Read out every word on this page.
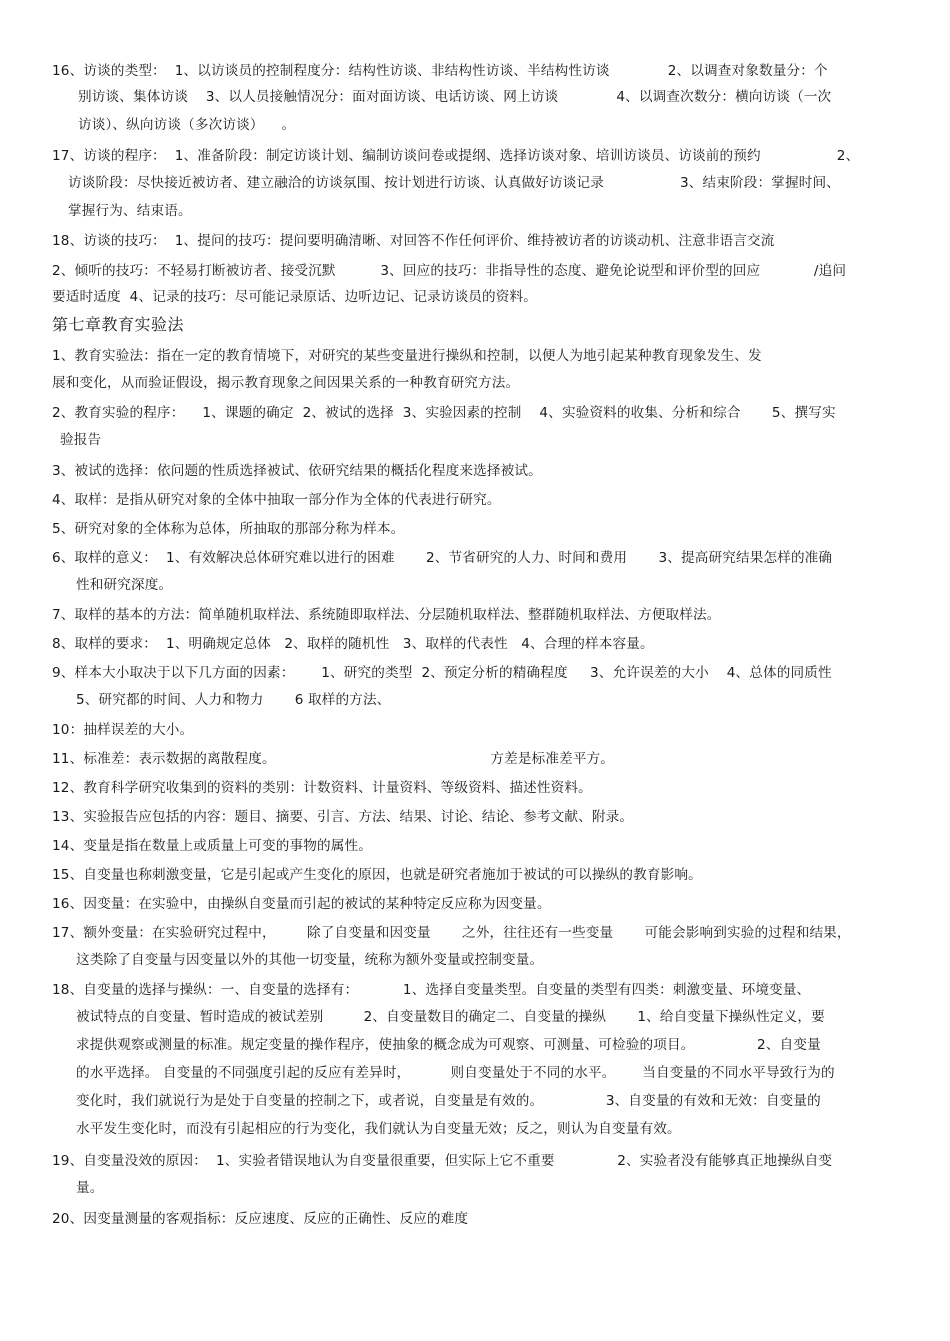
16、访谈的类型：  1、以访谈员的控制程度分：结构性访谈、非结构性访谈、半结构性访谈             2、以调查对象数量分：个
别访谈、集体访谈    3、以人员接触情况分：面对面访谈、电话访谈、网上访谈             4、以调查次数分：横向访谈（一次
访谈）、纵向访谈（多次访谈）    。
17、访谈的程序：  1、准备阶段：制定访谈计划、编制访谈问卷或提纲、选择访谈对象、培训访谈员、访谈前的预约                 2、
访谈阶段：尽快接近被访者、建立融洽的访谈氛围、按计划进行访谈、认真做好访谈记录                 3、结束阶段：掌握时间、
掌握行为、结束语。
18、访谈的技巧：  1、提问的技巧：提问要明确清晰、对回答不作任何评价、维持被访者的访谈动机、注意非语言交流
2、倾听的技巧：不轻易打断被访者、接受沉默          3、回应的技巧：非指导性的态度、避免论说型和评价型的回应            /追问
要适时适度  4、记录的技巧：尽可能记录原话、边听边记、记录访谈员的资料。
第七章教育实验法
1、教育实验法：指在一定的教育情境下，对研究的某些变量进行操纵和控制，以便人为地引起某种教育现象发生、发
展和变化，从而验证假设，揭示教育现象之间因果关系的一种教育研究方法。
2、教育实验的程序：    1、课题的确定  2、被试的选择  3、实验因素的控制    4、实验资料的收集、分析和综合       5、撰写实
验报告
3、被试的选择：依问题的性质选择被试、依研究结果的概括化程度来选择被试。
4、取样：是指从研究对象的全体中抽取一部分作为全体的代表进行研究。
5、研究对象的全体称为总体，所抽取的那部分称为样本。
6、取样的意义：  1、有效解决总体研究难以进行的困难       2、节省研究的人力、时间和费用       3、提高研究结果怎样的准确
性和研究深度。
7、取样的基本的方法：简单随机取样法、系统随即取样法、分层随机取样法、整群随机取样法、方便取样法。
8、取样的要求：  1、明确规定总体   2、取样的随机性   3、取样的代表性   4、合理的样本容量。
9、样本大小取决于以下几方面的因素：      1、研究的类型  2、预定分析的精确程度     3、允许误差的大小    4、总体的同质性
5、研究都的时间、人力和物力       6 取样的方法、
10：抽样误差的大小。
11、标准差：表示数据的离散程度。                                                方差是标准差平方。
12、教育科学研究收集到的资料的类别：计数资料、计量资料、等级资料、描述性资料。
13、实验报告应包括的内容：题目、摘要、引言、方法、结果、讨论、结论、参考文献、附录。
14、变量是指在数量上或质量上可变的事物的属性。
15、自变量也称刺激变量，它是引起或产生变化的原因，也就是研究者施加于被试的可以操纵的教育影响。
16、因变量：在实验中，由操纵自变量而引起的被试的某种特定反应称为因变量。
17、额外变量：在实验研究过程中，       除了自变量和因变量       之外，往往还有一些变量       可能会影响到实验的过程和结果，
这类除了自变量与因变量以外的其他一切变量，统称为额外变量或控制变量。
18、自变量的选择与操纵：一、自变量的选择有：          1、选择自变量类型。自变量的类型有四类：刺激变量、环境变量、
被试特点的自变量、暂时造成的被试差别         2、自变量数目的确定二、自变量的操纵       1、给自变量下操纵性定义，要
求提供观察或测量的标准。规定变量的操作程序，使抽象的概念成为可观察、可测量、可检验的项目。              2、自变量
的水平选择。 自变量的不同强度引起的反应有差异时，         则自变量处于不同的水平。      当自变量的不同水平导致行为的
变化时，我们就说行为是处于自变量的控制之下，或者说，自变量是有效的。              3、自变量的有效和无效：自变量的
水平发生变化时，而没有引起相应的行为变化，我们就认为自变量无效；反之，则认为自变量有效。
19、自变量没效的原因：  1、实验者错误地认为自变量很重要，但实际上它不重要              2、实验者没有能够真正地操纵自变
量。
20、因变量测量的客观指标：反应速度、反应的正确性、反应的难度
